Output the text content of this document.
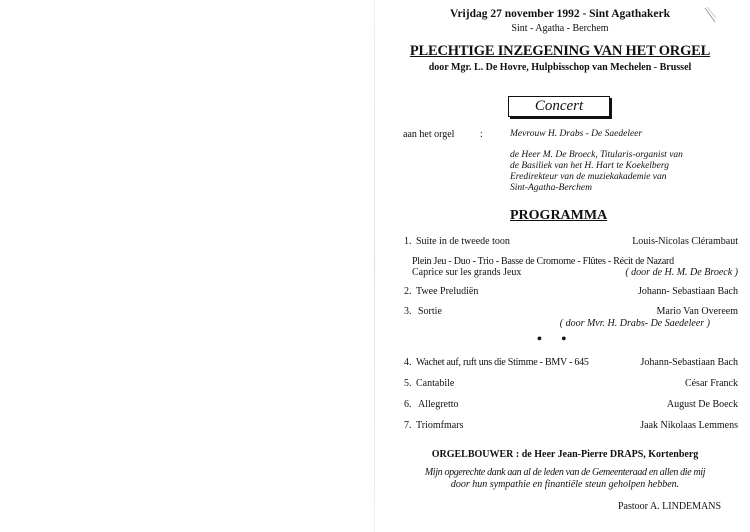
Vrijdag 27 november 1992 - Sint Agathakerk
Sint - Agatha - Berchem
PLECHTIGE INZEGENING VAN HET ORGEL
door Mgr. L. De Hovre, Hulpbisschop van Mechelen - Brussel
Concert
aan het orgel	:	Mevrouw H. Drabs - De Saedeleer
de Heer M. De Broeck, Titularis-organist van
de Basiliek van het H. Hart te Koekelberg
Eredirekteur van de muziekakademie van
Sint-Agatha-Berchem
PROGRAMMA
1. Suite in de tweede toon	Louis-Nicolas Clérambaut
Plein Jeu - Duo - Trio - Basse de Cromorne - Flûtes - Récit de Nazard
Caprice sur les grands Jeux	( door de H. M. De Broeck )
2. Twee Preludiën	Johann- Sebastiaan Bach
3. Sortie	Mario Van Overeem
( door Mvr. H. Drabs- De Saedeleer )
• •
4. Wachet auf, ruft uns die Stimme - BMV - 645	Johann-Sebastiaan Bach
5. Cantabile	César Franck
6. Allegretto	August De Boeck
7. Triomfmars	Jaak Nikolaas Lemmens
ORGELBOUWER : de Heer Jean-Pierre DRAPS, Kortenberg
Mijn opgerechte dank aan al de leden van de Gemeenteraad en allen die mij
door hun sympathie en finantiële steun geholpen hebben.
Pastoor A. LINDEMANS
